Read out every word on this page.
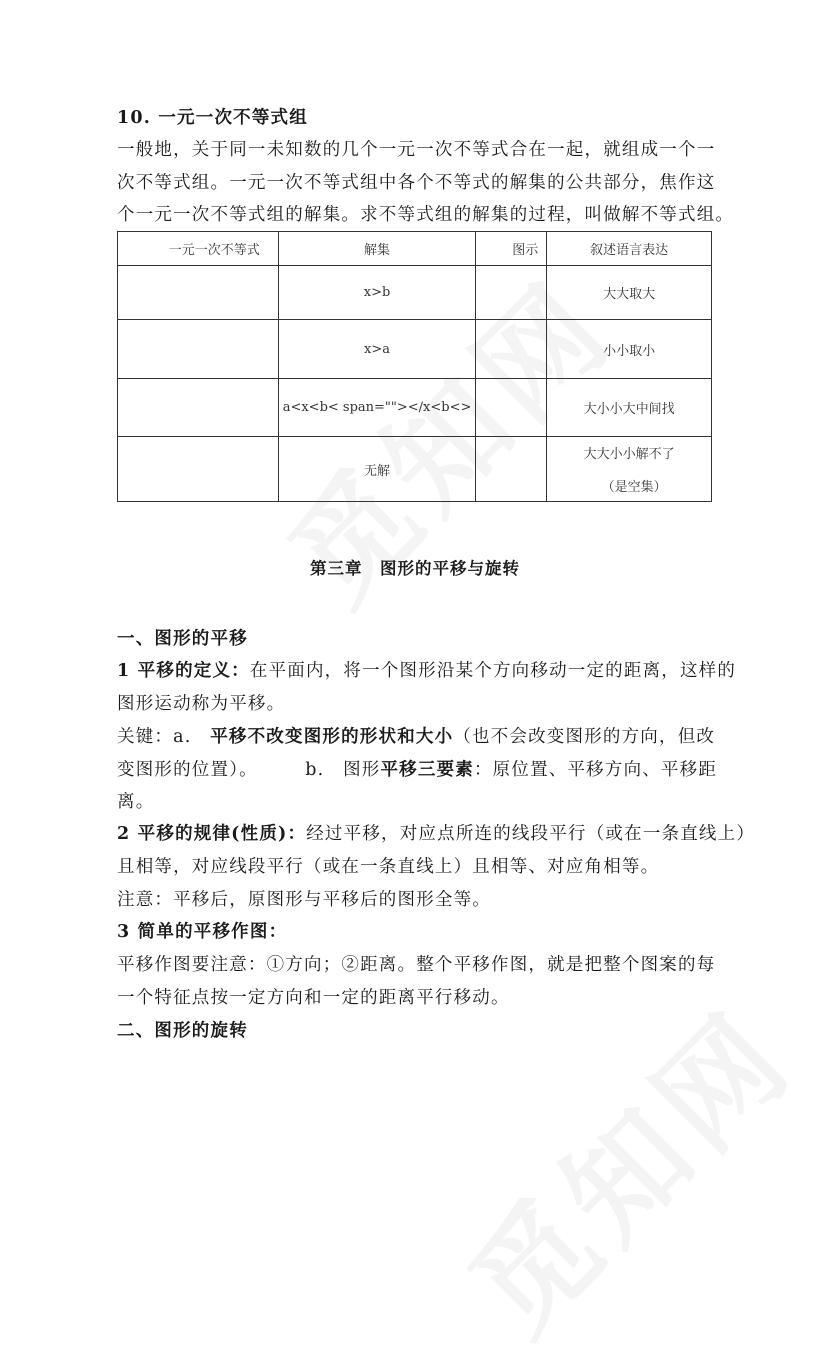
10. 一元一次不等式组
一般地，关于同一未知数的几个一元一次不等式合在一起，就组成一个一
次不等式组。一元一次不等式组中各个不等式的解集的公共部分，焦作这
个一元一次不等式组的解集。求不等式组的解集的过程，叫做解不等式组。
一元一次不等式	解集	图示	叙述语言表达
	x>b		大大取大
	x>a		小小取小
	a<x<b< span=""></x<b<>		大小小大中间找
	无解		大大小小解不了
（是空集）
第三章　图形的平移与旋转
一、图形的平移
1 平移的定义：在平面内，将一个图形沿某个方向移动一定的距离，这样的
图形运动称为平移。
关键：a.　平移不改变图形的形状和大小（也不会改变图形的方向，但改
变图形的位置）。　　　b.　图形平移三要素：原位置、平移方向、平移距
离。
2 平移的规律(性质)：经过平移，对应点所连的线段平行（或在一条直线上）
且相等，对应线段平行（或在一条直线上）且相等、对应角相等。
注意：平移后，原图形与平移后的图形全等。
3 简单的平移作图：
平移作图要注意：①方向；②距离。整个平移作图，就是把整个图案的每
一个特征点按一定方向和一定的距离平行移动。
二、图形的旋转
